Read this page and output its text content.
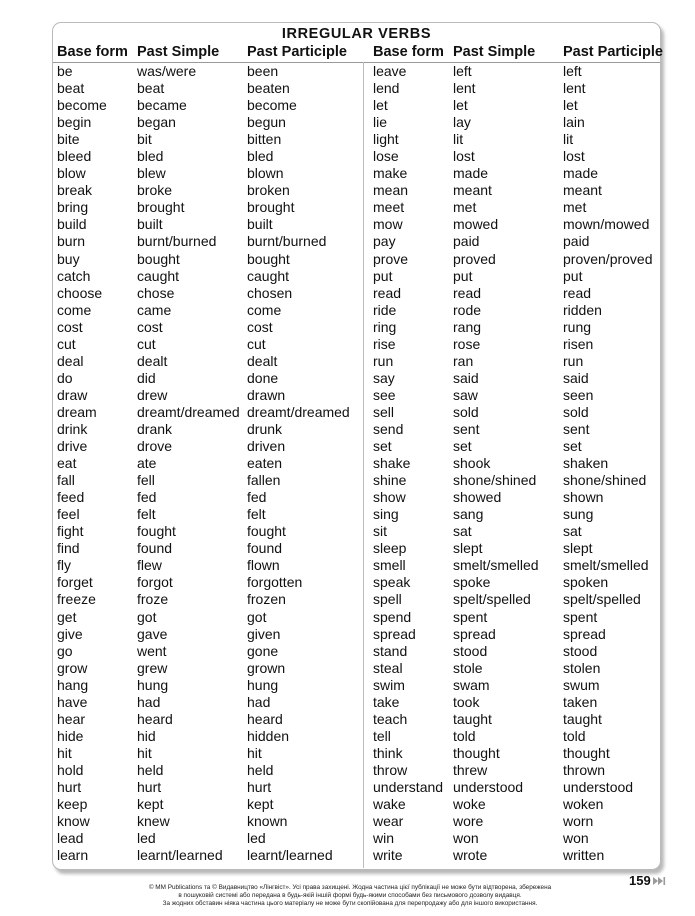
IRREGULAR VERBS
Base form Past Simple Past Participle Base form Past Simple Past Participle
be	was/were	been	leave	left	left
beat	beat	beaten	lend	lent	lent
become became	become	let	let	let
begin	began	begun	lie	lay	lain
bite	bit	bitten	light	lit	lit
bleed	bled	bled	lose	lost	lost
blow	blew	blown	make	made	made
break	broke	broken	mean	meant	meant
bring	brought	brought	meet	met	met
build	built	built	mow	mowed	mown/mowed
burn	burnt/burned burnt/burned	pay	paid	paid
buy	bought	bought	prove	proved	proven/proved
catch	caught	caught	put	put	put
choose chose	chosen	read	read	read
come	came	come	ride	rode	ridden
cost	cost	cost	ring	rang	rung
cut	cut	cut	rise	rose	risen
deal	dealt	dealt	run	ran	run
do	did	done	say	said	said
draw	drew	drawn	see	saw	seen
dream	dreamt/dreamed dreamt/dreamed sell	sold	sold
drink	drank	drunk	send	sent	sent
drive	drove	driven	set	set	set
eat	ate	eaten	shake	shook	shaken
fall	fell	fallen	shine	shone/shined shone/shined
feed	fed	fed	show	showed	shown
feel	felt	felt	sing	sang	sung
fight	fought	fought	sit	sat	sat
find	found	found	sleep	slept	slept
fly	flew	flown	smell	smelt/smelled smelt/smelled
forget	forgot	forgotten	speak	spoke	spoken
freeze	froze	frozen	spell	spelt/spelled spelt/spelled
get	got	got	spend	spent	spent
give	gave	given	spread	spread	spread
go	went	gone	stand	stood	stood
grow	grew	grown	steal	stole	stolen
hang	hung	hung	swim	swam	swum
have	had	had	take	took	taken
hear	heard	heard	teach	taught	taught
hide	hid	hidden	tell	told	told
hit	hit	hit	think	thought	thought
hold	held	held	throw	threw	thrown
hurt	hurt	hurt	understand understood	understood
keep	kept	kept	wake	woke	woken
know	knew	known	wear	wore	worn
lead	led	led	win	won	won
learn	learnt/learned learnt/learned	write	wrote	written
159
© MM Publications та © Видавництво «Лінгвіст». Усі права захищені. Жодна частина цієї публікації не може бути відтворена, збережена
в пошуковій системі або передана в будь-якій іншій формі будь-якими способами без письмового дозволу видавця.
За жодних обставин ніяка частина цього матеріалу не може бути скопійована для перепродажу або для іншого використання.
